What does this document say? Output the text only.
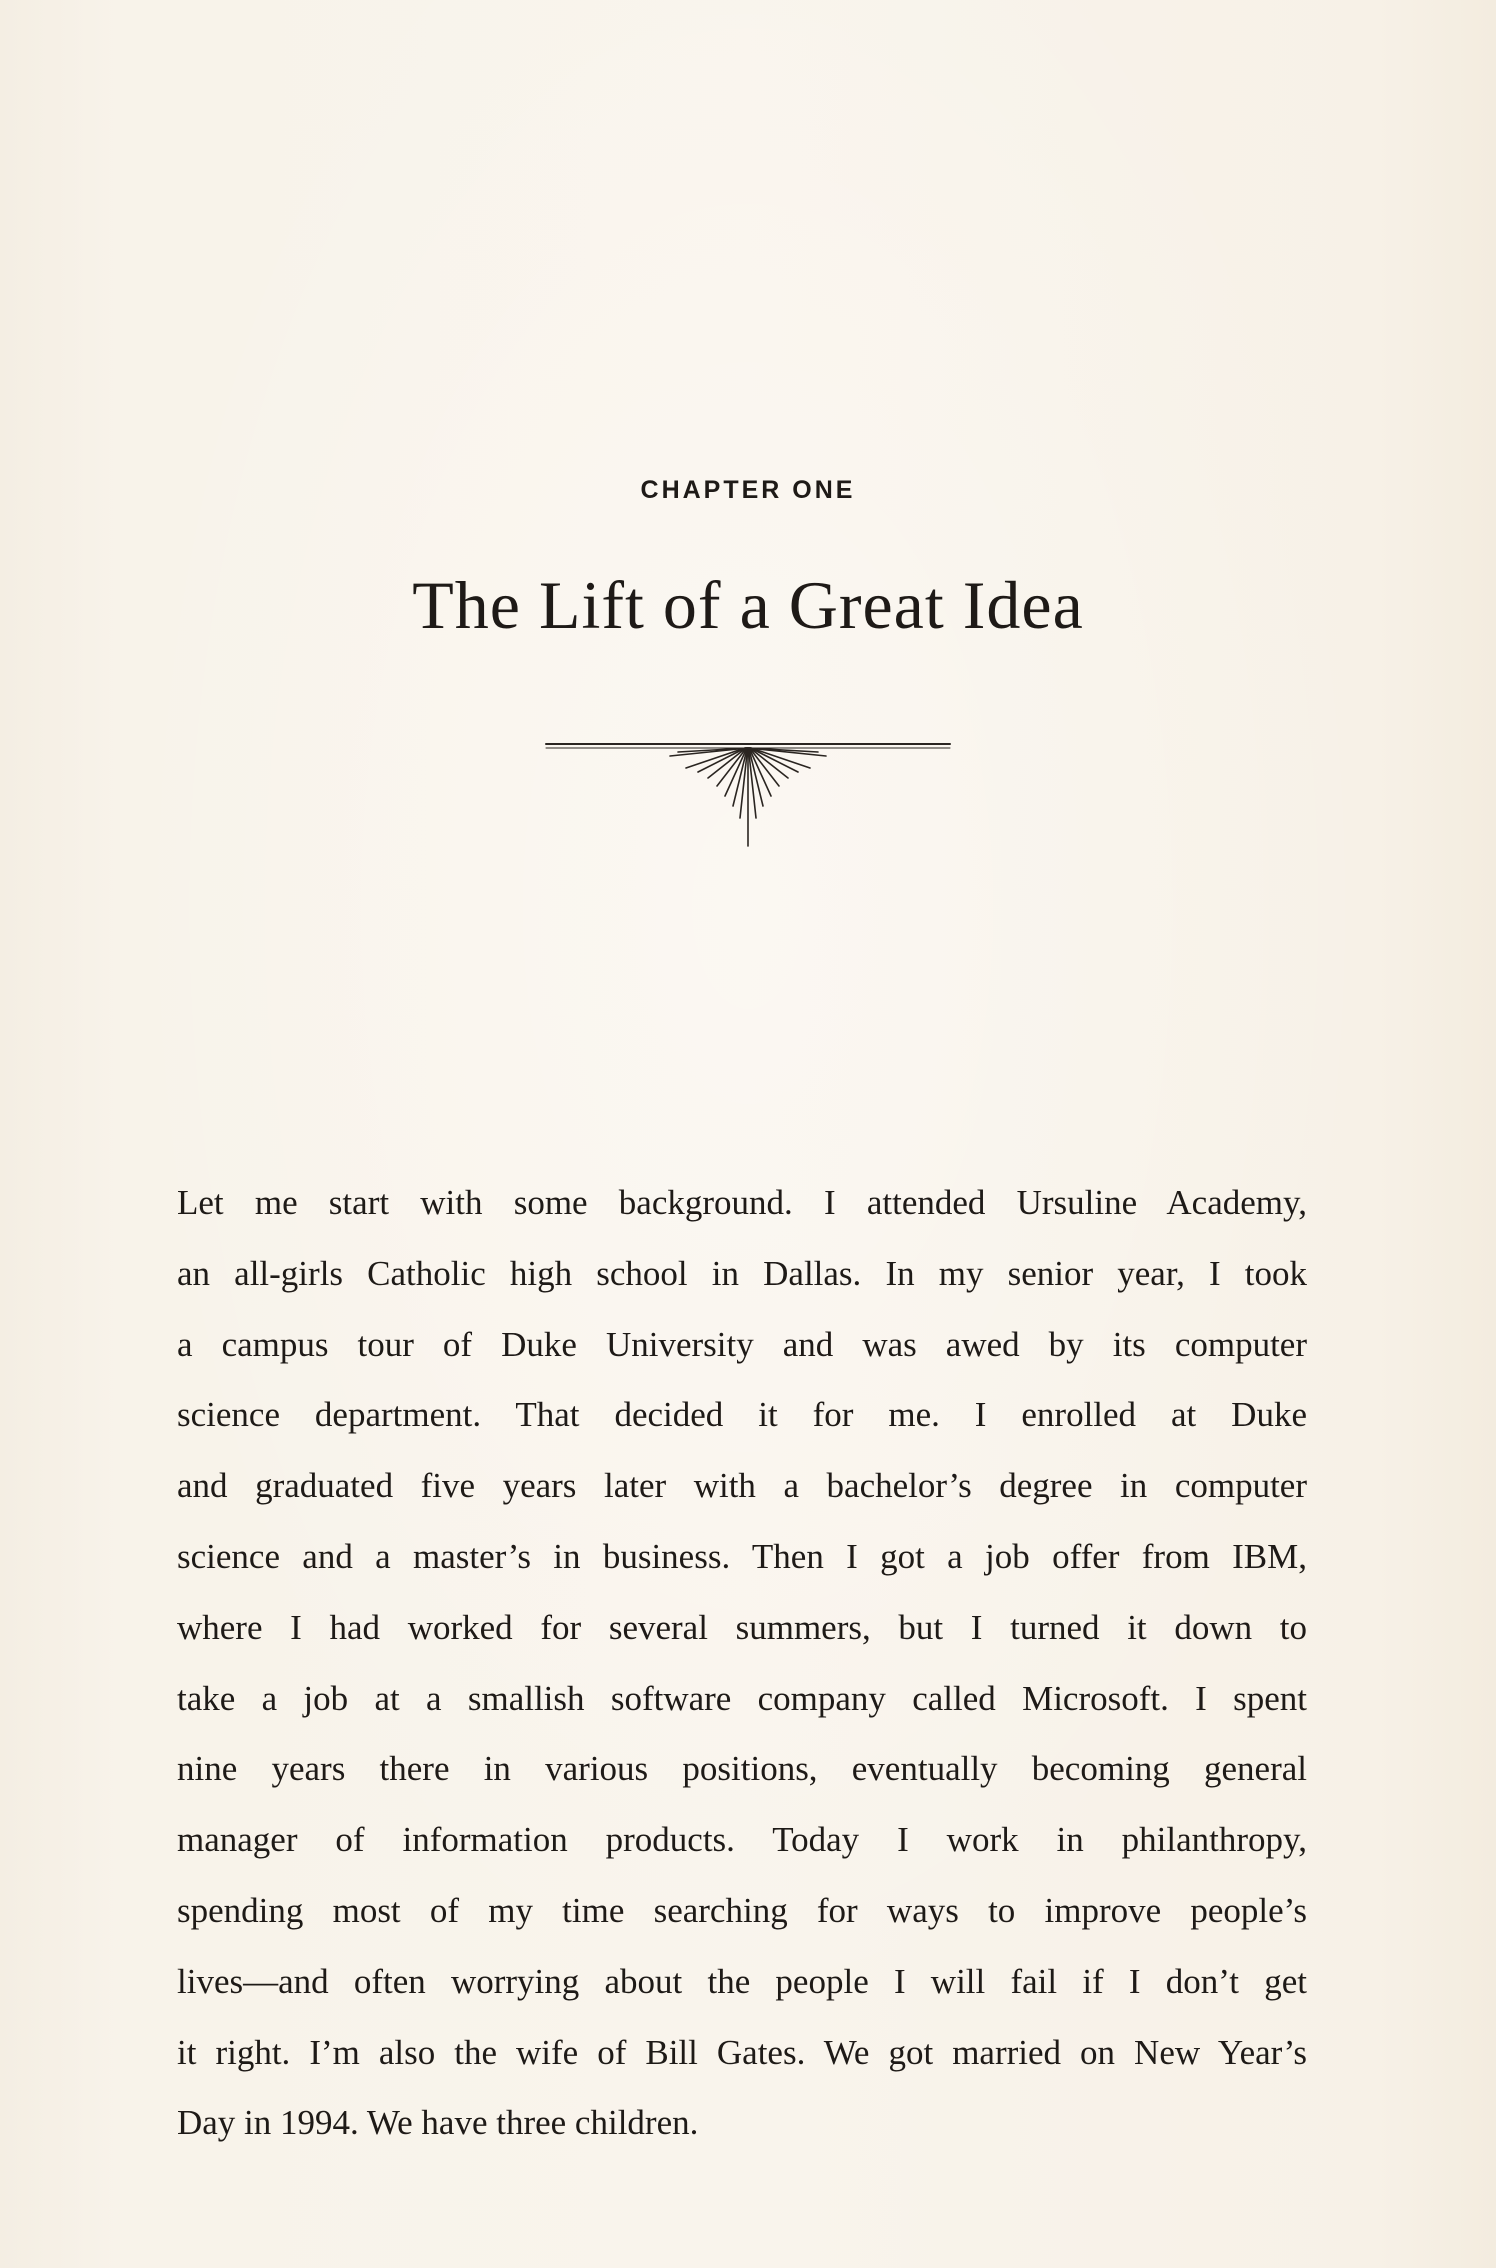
CHAPTER ONE
The Lift of a Great Idea
Let me start with some background. I attended Ursuline Academy,
an all-girls Catholic high school in Dallas. In my senior year, I took
a campus tour of Duke University and was awed by its computer
science department. That decided it for me. I enrolled at Duke
and graduated five years later with a bachelor’s degree in computer
science and a master’s in business. Then I got a job offer from IBM,
where I had worked for several summers, but I turned it down to
take a job at a smallish software company called Microsoft. I spent
nine years there in various positions, eventually becoming general
manager of information products. Today I work in philanthropy,
spending most of my time searching for ways to improve people’s
lives—and often worrying about the people I will fail if I don’t get
it right. I’m also the wife of Bill Gates. We got married on New Year’s
Day in 1994. We have three children.
